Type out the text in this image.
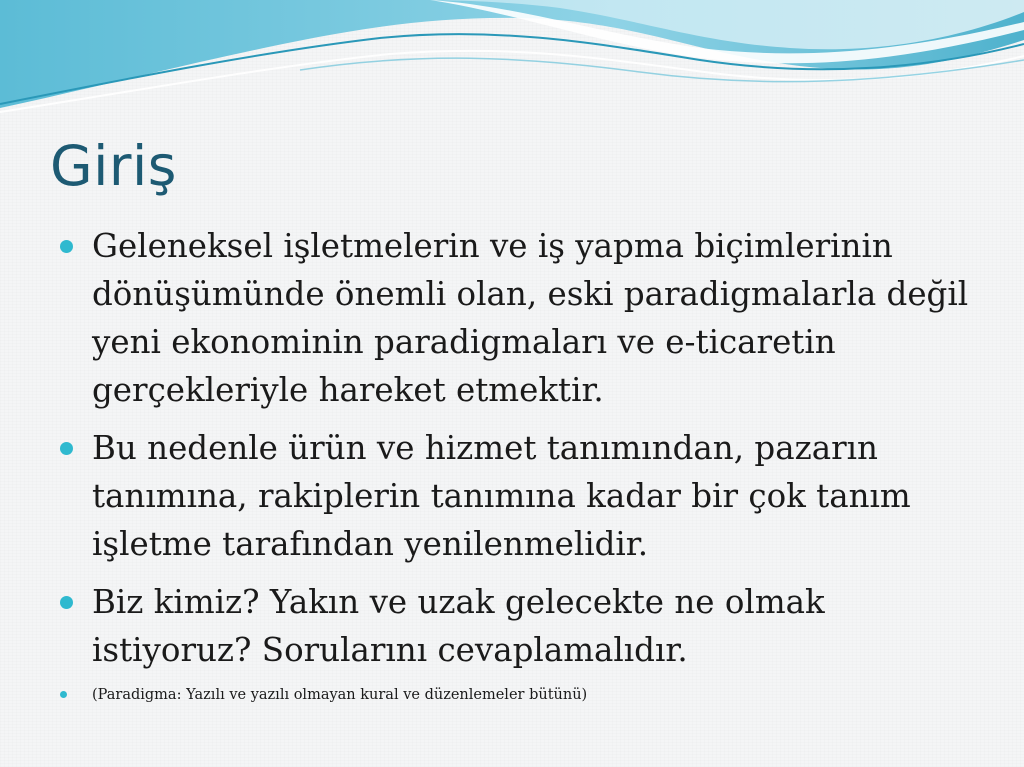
Giriş
Geleneksel işletmelerin ve iş yapma biçimlerinin dönüşümünde önemli olan, eski paradigmalarla değil yeni ekonominin paradigmaları ve e-ticaretin gerçekleriyle hareket etmektir.
Bu nedenle ürün ve hizmet tanımından, pazarın tanımına, rakiplerin tanımına kadar bir çok tanım işletme tarafından yenilenmelidir.
Biz kimiz? Yakın ve uzak gelecekte ne olmak istiyoruz? Sorularını cevaplamalıdır.
(Paradigma: Yazılı ve yazılı olmayan kural ve düzenlemeler bütünü)
